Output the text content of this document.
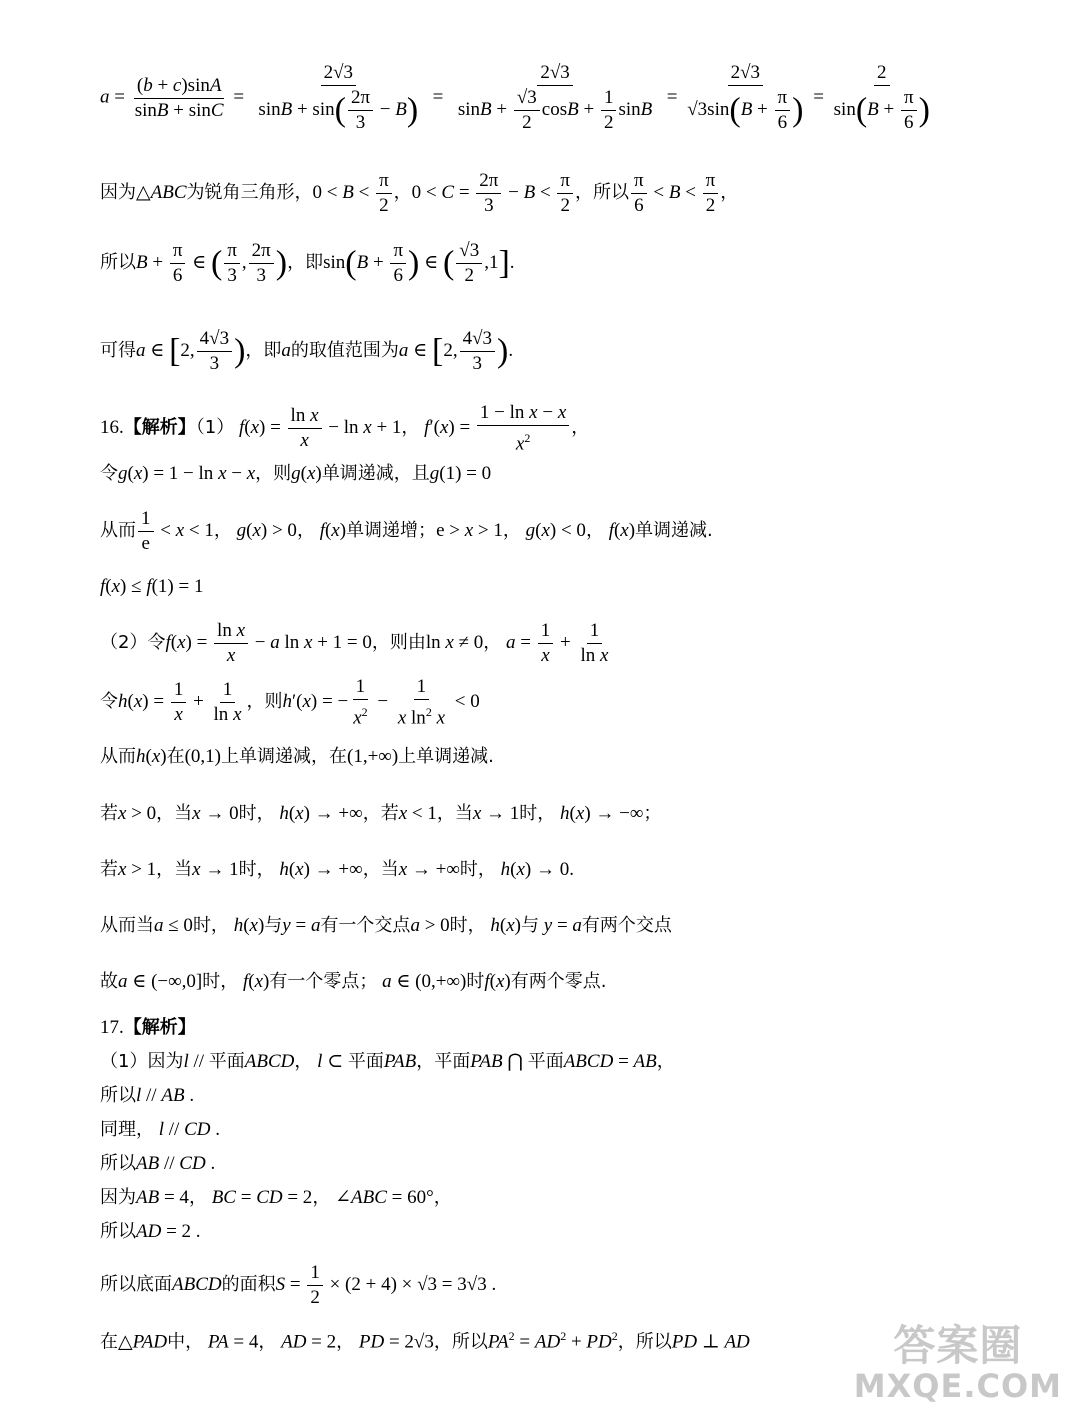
$a = \frac{(b + c)\sin A}{\sin B + \sin C} = \frac{2√3}{\sin B + \sin( \frac{2\pi}{3} - B)} = \frac{2√3}{\sin B + \frac{√3}{2} \cos B + \frac{1}{2} \sin B} = \frac{2√3}{√3\sin(B + \frac{\pi}{6} )} = \frac{2}{\sin(B + \frac{\pi}{6} )}$
因为△ABC为锐角三角形，$0 < B < \frac{\pi}{2}$ ，$0 < C = \frac{2\pi}{3} - B < \frac{\pi}{2}$ ，所以 $\frac{\pi}{6} < B < \frac{\pi}{2}$ ，
所以$B + \frac{\pi}{6}$ ∈ ( $\frac{\pi}{3}$ , $\frac{2\pi}{3}$ )，即$\sin(B + \frac{\pi}{6}$ ) ∈ ( $\frac{√3}{2} ,1$].
可得a ∈ [2, $\frac{4√3}{3}$ )，即a的取值范围为a ∈ [2, $\frac{4√3}{3}$ ).
16.【解析】（1） $f(x) = \frac{\text{ln x}}{x} - \ln x + 1$， $f'(x) = \frac{\text{1 − ln x − x}}{x^2}$ ，
令g(x) = 1 − ln x − x，则g(x)单调递减，且g(1) = 0
从而 $\frac{1}{e} < x < 1$， g(x) > 0， f(x)单调递增；e > x > 1， g(x) < 0， f(x)单调递减.
f(x) ≤ f(1) = 1
（2）令$f(x) = \frac{\text{ln x}}{x} - a$ ln x + 1 = 0，则由ln x ≠ 0， $a = \frac{1}{x} + \frac{1}{\text{ln x}}$
令$h(x) = \frac{1}{x} + \frac{1}{\text{ln x}}$ ，则h′(x) = − $\frac{1}{x^2} - \frac{1}{x \ln^2 x} < 0$
从而h(x)在(0,1)上单调递减，在(1,+∞)上单调递减.
若x > 0，当x → 0时， h(x) → +∞，若x < 1，当x → 1时， h(x) → −∞；
若x > 1，当x → 1时， h(x) → +∞，当x → +∞时， h(x) → 0.
从而当a ≤ 0时， h(x)与y = a有一个交点a > 0时， h(x)与 y = a有两个交点
故a ∈ (−∞,0]时， f(x)有一个零点； a ∈ (0,+∞)时f(x)有两个零点.
17.【解析】
（1）因为l // 平面ABCD， l ⊂ 平面PAB，平面PAB ⋂ 平面ABCD = AB，
所以l // AB .
同理， l // CD .
所以AB // CD .
因为AB = 4， BC = CD = 2， ∠ABC = 60°，
所以AD = 2 .
所以底面ABCD的面积$S = \frac{1}{2} \times (2 + 4) \times √3 = 3√3$ .
在△PAD中， PA = 4， AD = 2， PD = 2√3，所以$PA^2 = AD^2 + PD^2$，所以PD ⊥ AD	答案圈
MXQE.COM
